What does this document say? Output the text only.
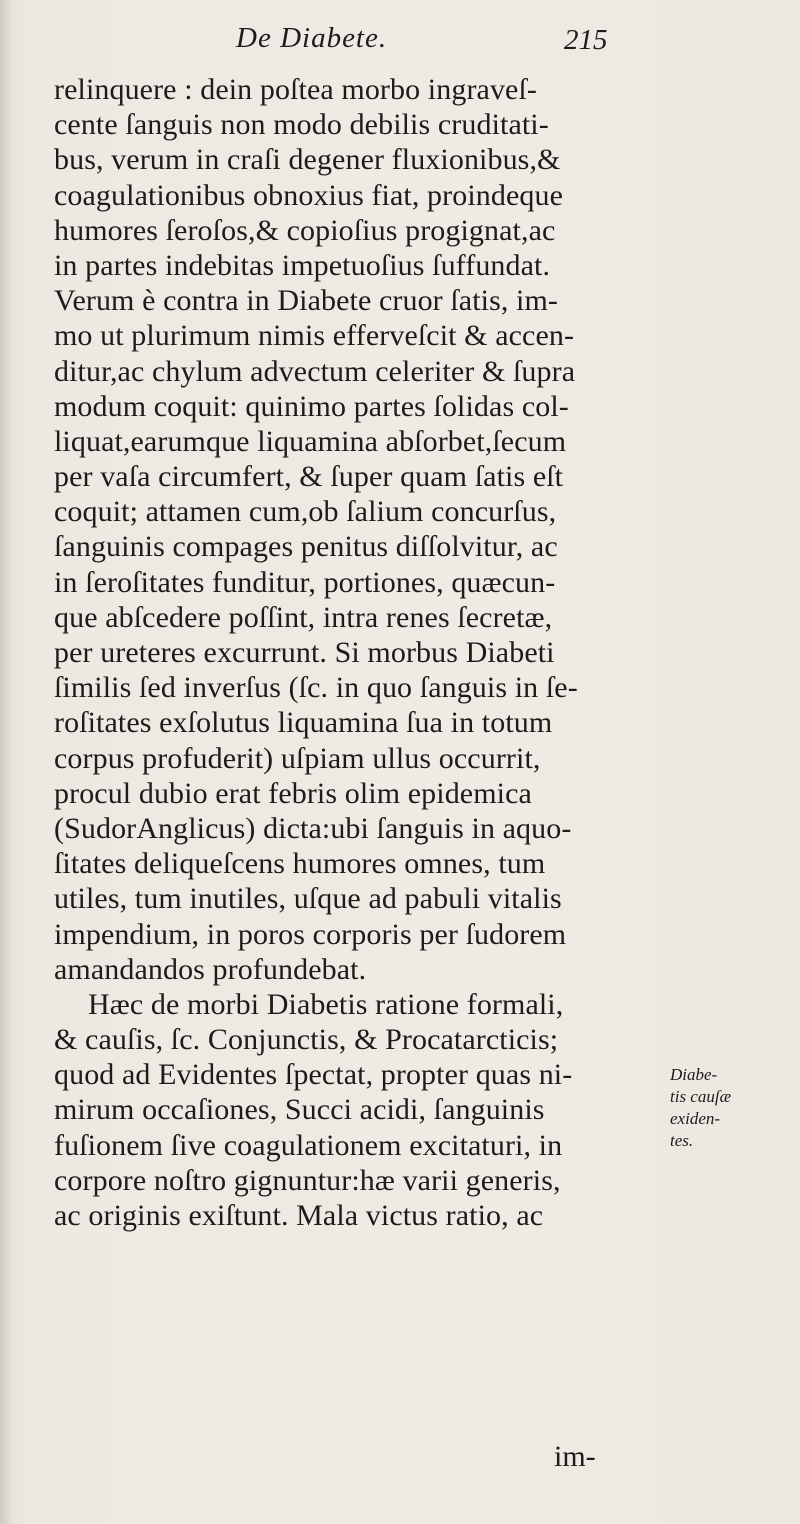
De Diabete.	215
relinquere : dein poſtea morbo ingraveſ-
cente ſanguis non modo debilis cruditati-
bus, verum in craſi degener fluxionibus,&
coagulationibus obnoxius fiat, proindeque
humores ſeroſos,& copioſius progignat,ac
in partes indebitas impetuoſius ſuffundat.
Verum è contra in Diabete cruor ſatis, im-
mo ut plurimum nimis efferveſcit & accen-
ditur,ac chylum advectum celeriter & ſupra
modum coquit: quinimo partes ſolidas col-
liquat,earumque liquamina abſorbet,ſecum
per vaſa circumfert, & ſuper quam ſatis eſt
coquit; attamen cum,ob ſalium concurſus,
ſanguinis compages penitus diſſolvitur, ac
in ſeroſitates funditur, portiones, quæcun-
que abſcedere poſſint, intra renes ſecretæ,
per ureteres excurrunt. Si morbus Diabeti
ſimilis ſed inverſus (ſc. in quo ſanguis in ſe-
roſitates exſolutus liquamina ſua in totum
corpus profuderit) uſpiam ullus occurrit,
procul dubio erat febris olim epidemica
(SudorAnglicus) dicta:ubi ſanguis in aquo-
ſitates deliqueſcens humores omnes, tum
utiles, tum inutiles, uſque ad pabuli vitalis
impendium, in poros corporis per ſudorem
amandandos profundebat.
Hæc de morbi Diabetis ratione formali,
& cauſis, ſc. Conjunctis, & Procatarcticis;
quod ad Evidentes ſpectat, propter quas ni-
mirum occaſiones, Succi acidi, ſanguinis
fuſionem ſive coagulationem excitaturi, in
corpore noſtro gignuntur:hæ varii generis,
ac originis exiſtunt. Mala victus ratio, ac
Diabe-
tis cauſæ
exiden-
tes.
im-
